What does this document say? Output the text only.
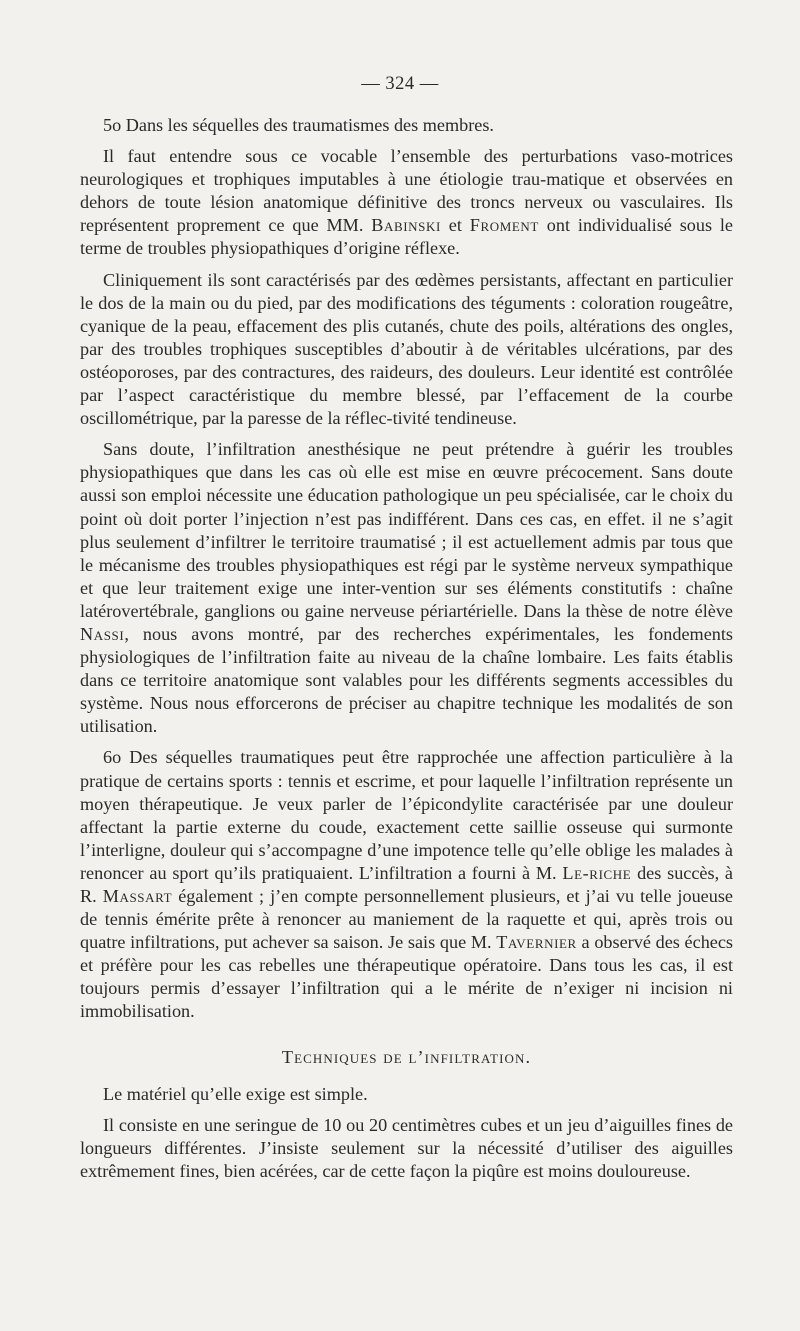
— 324 —

5o Dans les séquelles des traumatismes des membres.

Il faut entendre sous ce vocable l’ensemble des perturbations vaso-motrices neurologiques et trophiques imputables à une étiologie trau-matique et observées en dehors de toute lésion anatomique définitive des troncs nerveux ou vasculaires. Ils représentent proprement ce que MM. Babinski et Froment ont individualisé sous le terme de troubles physiopathiques d’origine réflexe.

Cliniquement ils sont caractérisés par des œdèmes persistants, affectant en particulier le dos de la main ou du pied, par des modifications des téguments : coloration rougeâtre, cyanique de la peau, effacement des plis cutanés, chute des poils, altérations des ongles, par des troubles trophiques susceptibles d’aboutir à de véritables ulcérations, par des ostéoporoses, par des contractures, des raideurs, des douleurs. Leur identité est contrôlée par l’aspect caractéristique du membre blessé, par l’effacement de la courbe oscillométrique, par la paresse de la réflec-tivité tendineuse.

Sans doute, l’infiltration anesthésique ne peut prétendre à guérir les troubles physiopathiques que dans les cas où elle est mise en œuvre précocement. Sans doute aussi son emploi nécessite une éducation pathologique un peu spécialisée, car le choix du point où doit porter l’injection n’est pas indifférent. Dans ces cas, en effet. il ne s’agit plus seulement d’infiltrer le territoire traumatisé ; il est actuellement admis par tous que le mécanisme des troubles physiopathiques est régi par le système nerveux sympathique et que leur traitement exige une inter-vention sur ses éléments constitutifs : chaîne latérovertébrale, ganglions ou gaine nerveuse périartérielle. Dans la thèse de notre élève Nassi, nous avons montré, par des recherches expérimentales, les fondements physiologiques de l’infiltration faite au niveau de la chaîne lombaire. Les faits établis dans ce territoire anatomique sont valables pour les différents segments accessibles du système. Nous nous efforcerons de préciser au chapitre technique les modalités de son utilisation.

6o Des séquelles traumatiques peut être rapprochée une affection particulière à la pratique de certains sports : tennis et escrime, et pour laquelle l’infiltration représente un moyen thérapeutique. Je veux parler de l’épicondylite caractérisée par une douleur affectant la partie externe du coude, exactement cette saillie osseuse qui surmonte l’interligne, douleur qui s’accompagne d’une impotence telle qu’elle oblige les malades à renoncer au sport qu’ils pratiquaient. L’infiltration a fourni à M. Le-riche des succès, à R. Massart également ; j’en compte personnellement plusieurs, et j’ai vu telle joueuse de tennis émérite prête à renoncer au maniement de la raquette et qui, après trois ou quatre infiltrations, put achever sa saison. Je sais que M. Tavernier a observé des échecs et préfère pour les cas rebelles une thérapeutique opératoire. Dans tous les cas, il est toujours permis d’essayer l’infiltration qui a le mérite de n’exiger ni incision ni immobilisation.

Techniques de l’infiltration.

Le matériel qu’elle exige est simple.

Il consiste en une seringue de 10 ou 20 centimètres cubes et un jeu d’aiguilles fines de longueurs différentes. J’insiste seulement sur la nécessité d’utiliser des aiguilles extrêmement fines, bien acérées, car de cette façon la piqûre est moins douloureuse.
